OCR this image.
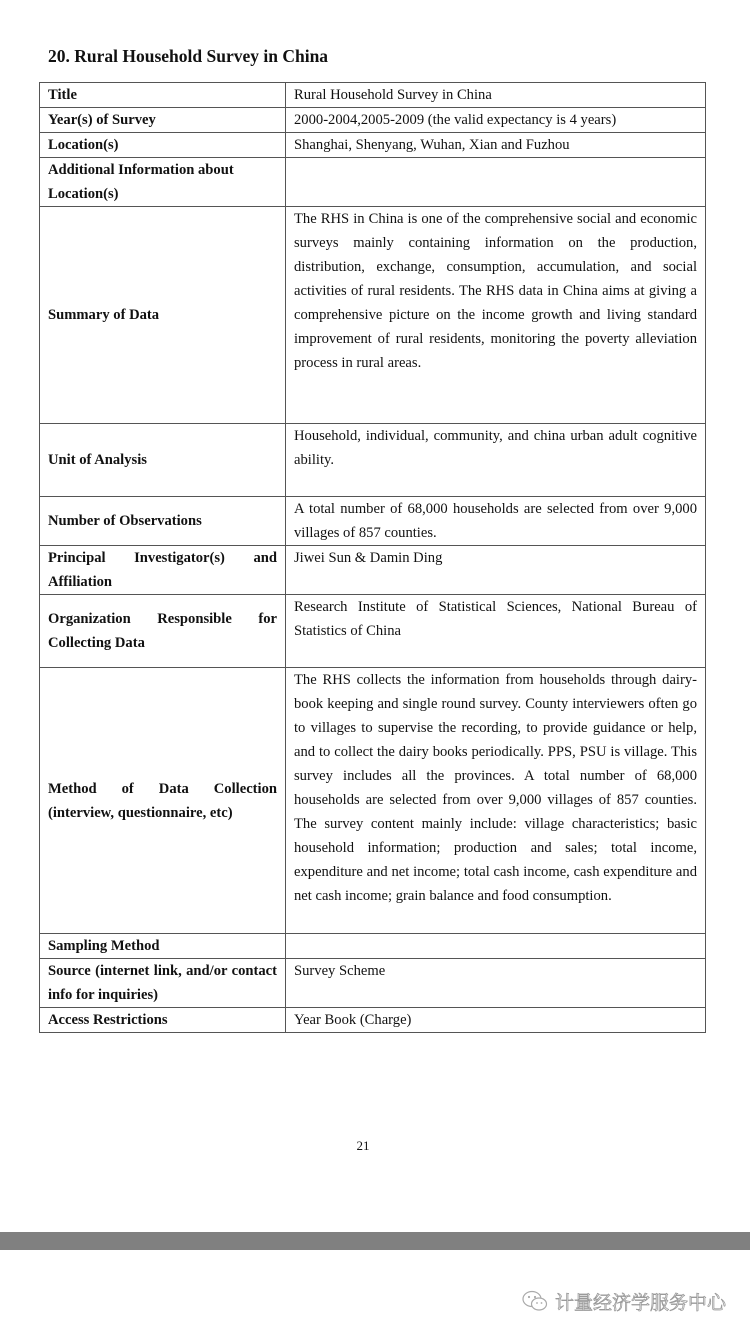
20. Rural Household Survey in China
Title	Rural Household Survey in China
Year(s) of Survey	2000-2004,2005-2009 (the valid expectancy is 4 years)
Location(s)	Shanghai, Shenyang, Wuhan, Xian and Fuzhou
Additional Information about Location(s)	
Summary of Data	The RHS in China is one of the comprehensive social and economic surveys mainly containing information on the production, distribution, exchange, consumption, accumulation, and social activities of rural residents. The RHS data in China aims at giving a comprehensive picture on the income growth and living standard improvement of rural residents, monitoring the poverty alleviation process in rural areas.
Unit of Analysis	Household, individual, community, and china urban adult cognitive ability.
Number of Observations	A total number of 68,000 households are selected from over 9,000 villages of 857 counties.
Principal Investigator(s) and Affiliation	Jiwei Sun & Damin Ding
Organization Responsible for Collecting Data	Research Institute of Statistical Sciences, National Bureau of Statistics of China
Method of Data Collection (interview, questionnaire, etc)	The RHS collects the information from households through dairy-book keeping and single round survey. County interviewers often go to villages to supervise the recording, to provide guidance or help, and to collect the dairy books periodically. PPS, PSU is village. This survey includes all the provinces. A total number of 68,000 households are selected from over 9,000 villages of 857 counties. The survey content mainly include: village characteristics; basic household information; production and sales; total income, expenditure and net income; total cash income, cash expenditure and net cash income; grain balance and food consumption.
Sampling Method	
Source (internet link, and/or contact info for inquiries)	Survey Scheme
Access Restrictions	Year Book (Charge)
21
计量经济学服务中心
